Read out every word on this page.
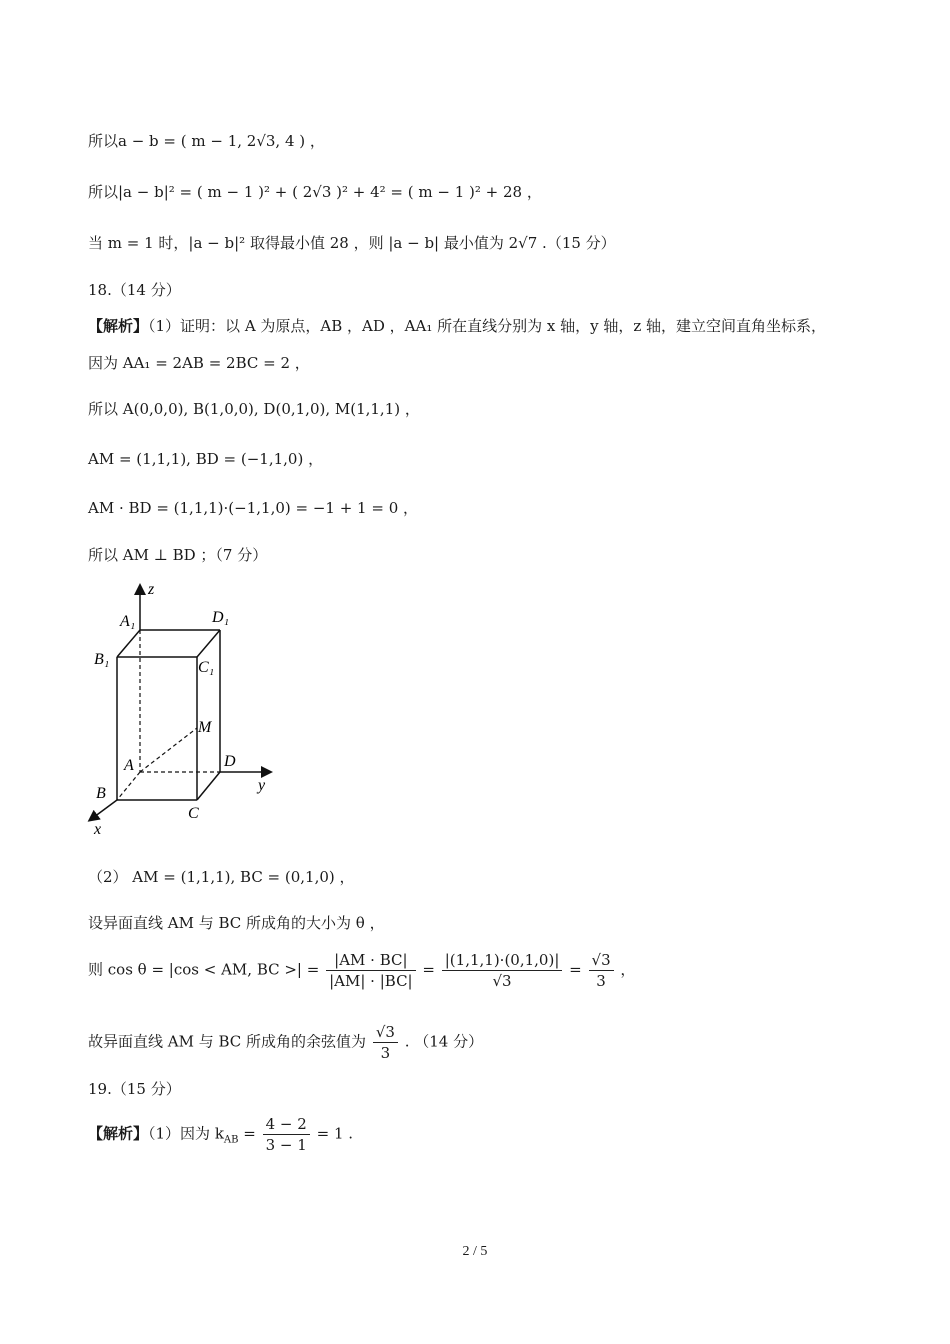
所以a − b = ( m − 1, 2√3, 4 ) ，
所以|a − b|² = ( m − 1 )² + ( 2√3 )² + 4² = ( m − 1 )² + 28 ，
当 m = 1 时，|a − b|² 取得最小值 28 ，则 |a − b| 最小值为 2√7 .（15 分）
18.（14 分）
【解析】（1）证明：以 A 为原点，AB ，AD ，AA₁ 所在直线分别为 x 轴，y 轴，z 轴，建立空间直角坐标系，
因为 AA₁ = 2AB = 2BC = 2 ，
所以 A(0,0,0), B(1,0,0), D(0,1,0), M(1,1,1) ，
AM = (1,1,1), BD = (−1,1,0) ，
AM · BD = (1,1,1)·(−1,1,0) = −1 + 1 = 0 ，
所以 AM ⊥ BD ；（7 分）
z
A₁	D₁
B₁	C₁
M
A	D
y
B
C
x
（2） AM = (1,1,1), BC = (0,1,0) ，
设异面直线 AM 与 BC 所成角的大小为 θ ，
则 cos θ = |cos < AM, BC >| = $\frac{|AM \cdot BC|}{|AM| \cdot |BC|} = \frac{|(1,1,1)\cdot(0,1,0)|}{√3} = \frac{√3}{3}$ ，
故异面直线 AM 与 BC 所成角的余弦值为 $\frac{√3}{3}$ . （14 分）
19.（15 分）
【解析】（1）因为 $k_{AB} = \frac{4 - 2}{3 - 1} = 1$ .
2 / 5
